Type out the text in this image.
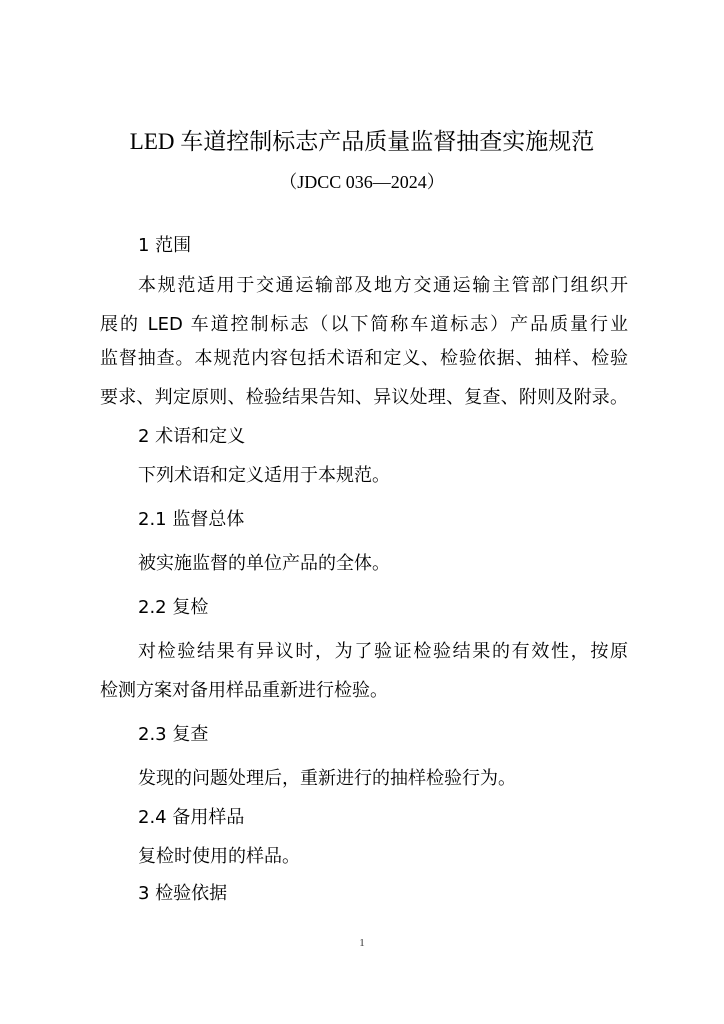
LED 车道控制标志产品质量监督抽查实施规范
（JDCC 036—2024）
1 范围
本规范适用于交通运输部及地方交通运输主管部门组织开
展的 LED 车道控制标志（以下简称车道标志）产品质量行业
监督抽查。本规范内容包括术语和定义、检验依据、抽样、检验
要求、判定原则、检验结果告知、异议处理、复查、附则及附录。
2 术语和定义
下列术语和定义适用于本规范。
2.1 监督总体
被实施监督的单位产品的全体。
2.2 复检
对检验结果有异议时，为了验证检验结果的有效性，按原
检测方案对备用样品重新进行检验。
2.3 复查
发现的问题处理后，重新进行的抽样检验行为。
2.4 备用样品
复检时使用的样品。
3 检验依据
1
